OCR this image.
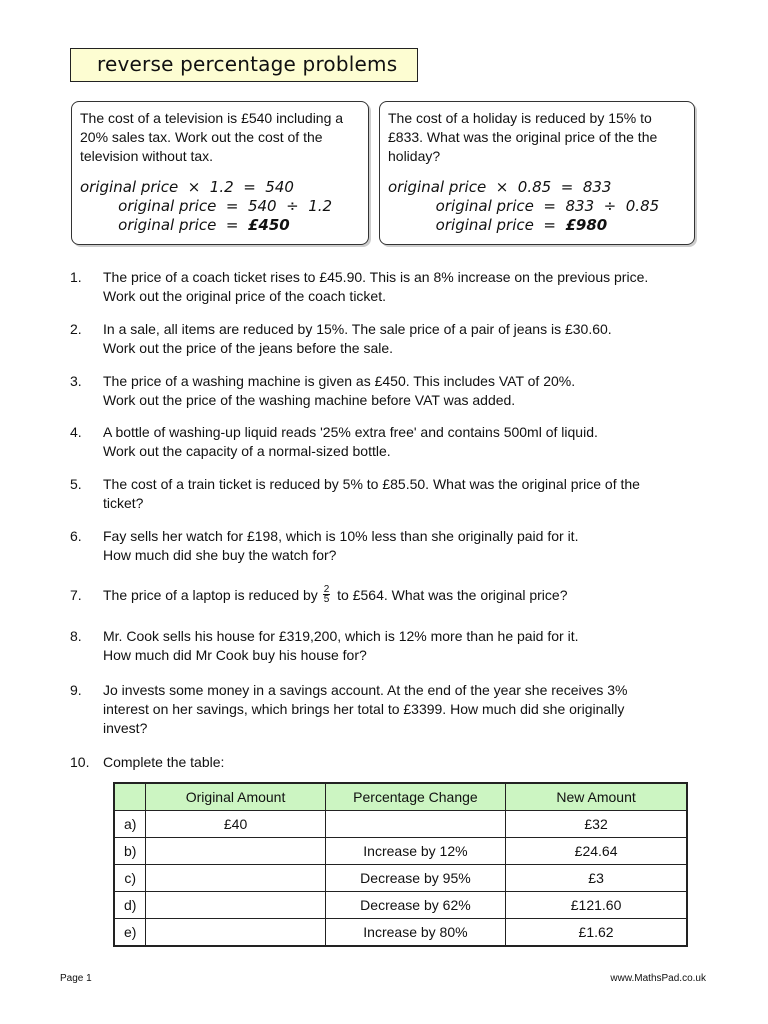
reverse percentage problems

The cost of a television is £540 including a 20% sales tax. Work out the cost of the television without tax.

original price  ×  1.2  =  540
original price  =  540  ÷  1.2
original price  =  £450

The cost of a holiday is reduced by 15% to £833. What was the original price of the the holiday?

original price  ×  0.85  =  833
original price  =  833  ÷  0.85
original price  =  £980
1.	The price of a coach ticket rises to £45.90. This is an 8% increase on the previous price.
Work out the original price of the coach ticket.
2.	In a sale, all items are reduced by 15%. The sale price of a pair of jeans is £30.60.
Work out the price of the jeans before the sale.
3.	The price of a washing machine is given as £450. This includes VAT of 20%.
Work out the price of the washing machine before VAT was added.
4.	A bottle of washing-up liquid reads '25% extra free' and contains 500ml of liquid.
Work out the capacity of a normal-sized bottle.
5.	The cost of a train ticket is reduced by 5% to £85.50. What was the original price of the
ticket?
6.	Fay sells her watch for £198, which is 10% less than she originally paid for it.
How much did she buy the watch for?
7.	The price of a laptop is reduced by $\frac{2}{5}$ to £564. What was the original price?
8.	Mr. Cook sells his house for £319,200, which is 12% more than he paid for it.
How much did Mr Cook buy his house for?
9.	Jo invests some money in a savings account. At the end of the year she receives 3%
interest on her savings, which brings her total to £3399. How much did she originally
invest?
10. Complete the table:
	Original Amount	Percentage Change	New Amount
a)	£40		£32
b)		Increase by 12%	£24.64
c)		Decrease by 95%	£3
d)		Decrease by 62%	£121.60
e)		Increase by 80%	£1.62
Page 1	www.MathsPad.co.uk
